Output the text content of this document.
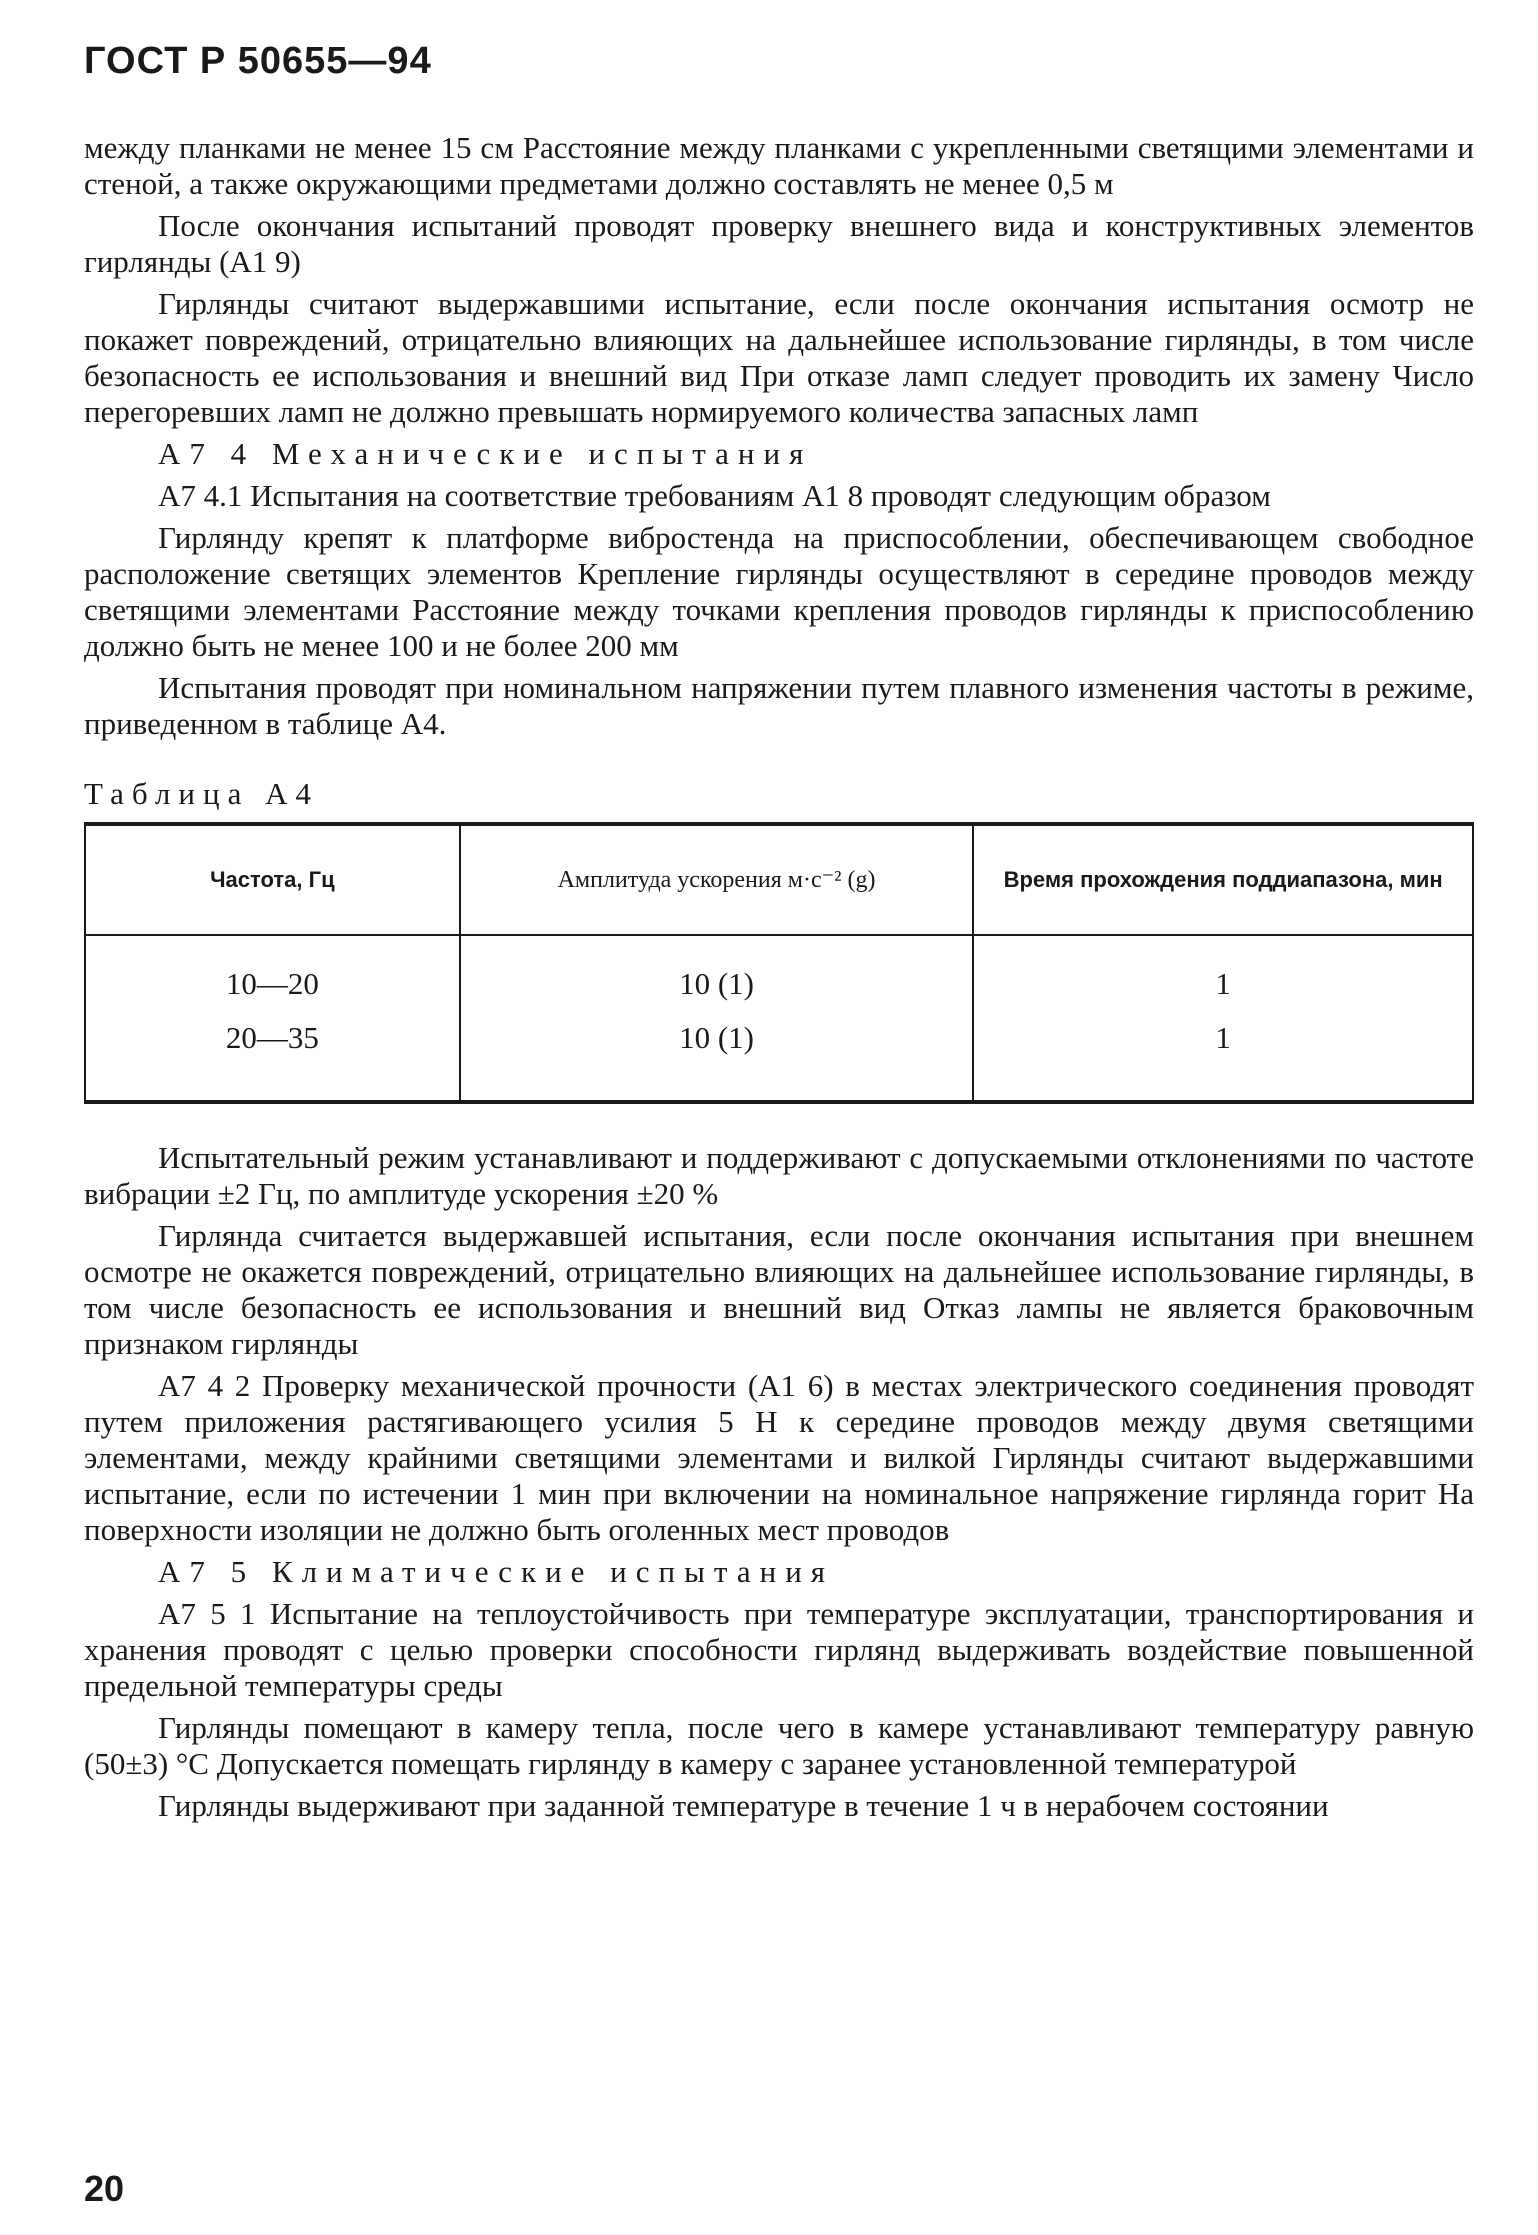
ГОСТ Р 50655—94

между планками не менее 15 см Расстояние между планками с укрепленными светящими элементами и стеной, а также окружающими предметами должно составлять не менее 0,5 м

После окончания испытаний проводят проверку внешнего вида и конструктивных элементов гирлянды (А1 9)

Гирлянды считают выдержавшими испытание, если после окончания испытания осмотр не покажет повреждений, отрицательно влияющих на дальнейшее использование гирлянды, в том числе безопасность ее использования и внешний вид При отказе ламп следует проводить их замену Число перегоревших ламп не должно превышать нормируемого количества запасных ламп

А7 4 Механические испытания

А7 4.1 Испытания на соответствие требованиям А1 8 проводят следующим образом

Гирлянду крепят к платформе вибростенда на приспособлении, обеспечивающем свободное расположение светящих элементов Крепление гирлянды осуществляют в середине проводов между светящими элементами Расстояние между точками крепления проводов гирлянды к приспособлению должно быть не менее 100 и не более 200 мм

Испытания проводят при номинальном напряжении путем плавного изменения частоты в режиме, приведенном в таблице А4.

Таблица А4
Частота, Гц	Амплитуда ускорения м·с⁻² (g)	Время прохождения поддиапазона, мин
10—20	10 (1)	1
20—35	10 (1)	1

Испытательный режим устанавливают и поддерживают с допускаемыми отклонениями по частоте вибрации ±2 Гц, по амплитуде ускорения ±20 %

Гирлянда считается выдержавшей испытания, если после окончания испытания при внешнем осмотре не окажется повреждений, отрицательно влияющих на дальнейшее использование гирлянды, в том числе безопасность ее использования и внешний вид Отказ лампы не является браковочным признаком гирлянды

А7 4 2 Проверку механической прочности (А1 6) в местах электрического соединения проводят путем приложения растягивающего усилия 5 Н к середине проводов между двумя светящими элементами, между крайними светящими элементами и вилкой Гирлянды считают выдержавшими испытание, если по истечении 1 мин при включении на номинальное напряжение гирлянда горит На поверхности изоляции не должно быть оголенных мест проводов

А7 5 Климатические испытания

А7 5 1 Испытание на теплоустойчивость при температуре эксплуатации, транспортирования и хранения проводят с целью проверки способности гирлянд выдерживать воздействие повышенной предельной температуры среды

Гирлянды помещают в камеру тепла, после чего в камере устанавливают температуру равную (50±3) °С Допускается помещать гирлянду в камеру с заранее установленной температурой

Гирлянды выдерживают при заданной температуре в течение 1 ч в нерабочем состоянии

20
